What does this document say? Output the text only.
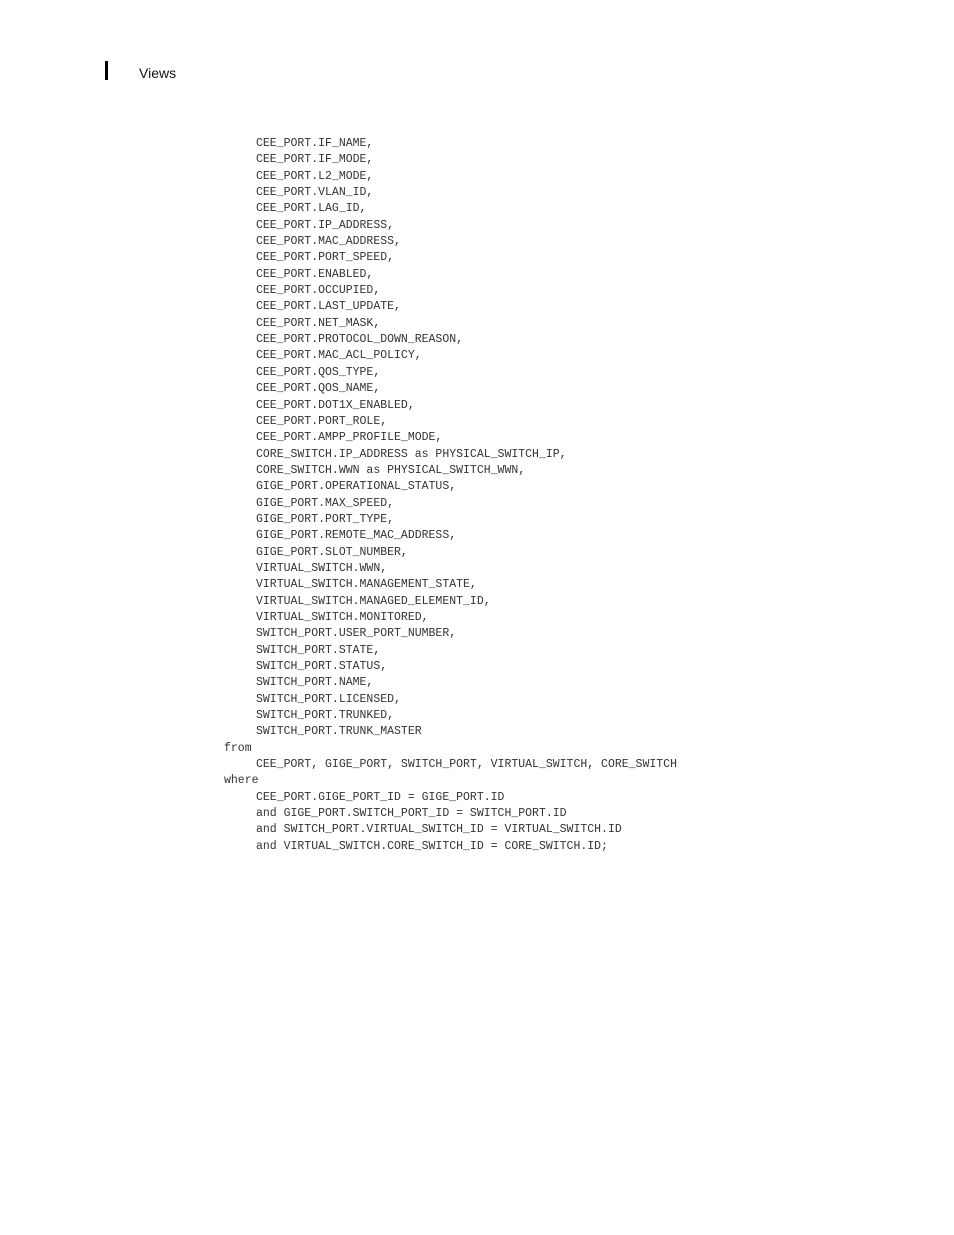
Views
CEE_PORT.IF_NAME,
CEE_PORT.IF_MODE,
CEE_PORT.L2_MODE,
CEE_PORT.VLAN_ID,
CEE_PORT.LAG_ID,
CEE_PORT.IP_ADDRESS,
CEE_PORT.MAC_ADDRESS,
CEE_PORT.PORT_SPEED,
CEE_PORT.ENABLED,
CEE_PORT.OCCUPIED,
CEE_PORT.LAST_UPDATE,
CEE_PORT.NET_MASK,
CEE_PORT.PROTOCOL_DOWN_REASON,
CEE_PORT.MAC_ACL_POLICY,
CEE_PORT.QOS_TYPE,
CEE_PORT.QOS_NAME,
CEE_PORT.DOT1X_ENABLED,
CEE_PORT.PORT_ROLE,
CEE_PORT.AMPP_PROFILE_MODE,
CORE_SWITCH.IP_ADDRESS as PHYSICAL_SWITCH_IP,
CORE_SWITCH.WWN as PHYSICAL_SWITCH_WWN,
GIGE_PORT.OPERATIONAL_STATUS,
GIGE_PORT.MAX_SPEED,
GIGE_PORT.PORT_TYPE,
GIGE_PORT.REMOTE_MAC_ADDRESS,
GIGE_PORT.SLOT_NUMBER,
VIRTUAL_SWITCH.WWN,
VIRTUAL_SWITCH.MANAGEMENT_STATE,
VIRTUAL_SWITCH.MANAGED_ELEMENT_ID,
VIRTUAL_SWITCH.MONITORED,
SWITCH_PORT.USER_PORT_NUMBER,
SWITCH_PORT.STATE,
SWITCH_PORT.STATUS,
SWITCH_PORT.NAME,
SWITCH_PORT.LICENSED,
SWITCH_PORT.TRUNKED,
SWITCH_PORT.TRUNK_MASTER
from
CEE_PORT, GIGE_PORT, SWITCH_PORT, VIRTUAL_SWITCH, CORE_SWITCH
where
CEE_PORT.GIGE_PORT_ID = GIGE_PORT.ID
and GIGE_PORT.SWITCH_PORT_ID = SWITCH_PORT.ID
and SWITCH_PORT.VIRTUAL_SWITCH_ID = VIRTUAL_SWITCH.ID
and VIRTUAL_SWITCH.CORE_SWITCH_ID = CORE_SWITCH.ID;
